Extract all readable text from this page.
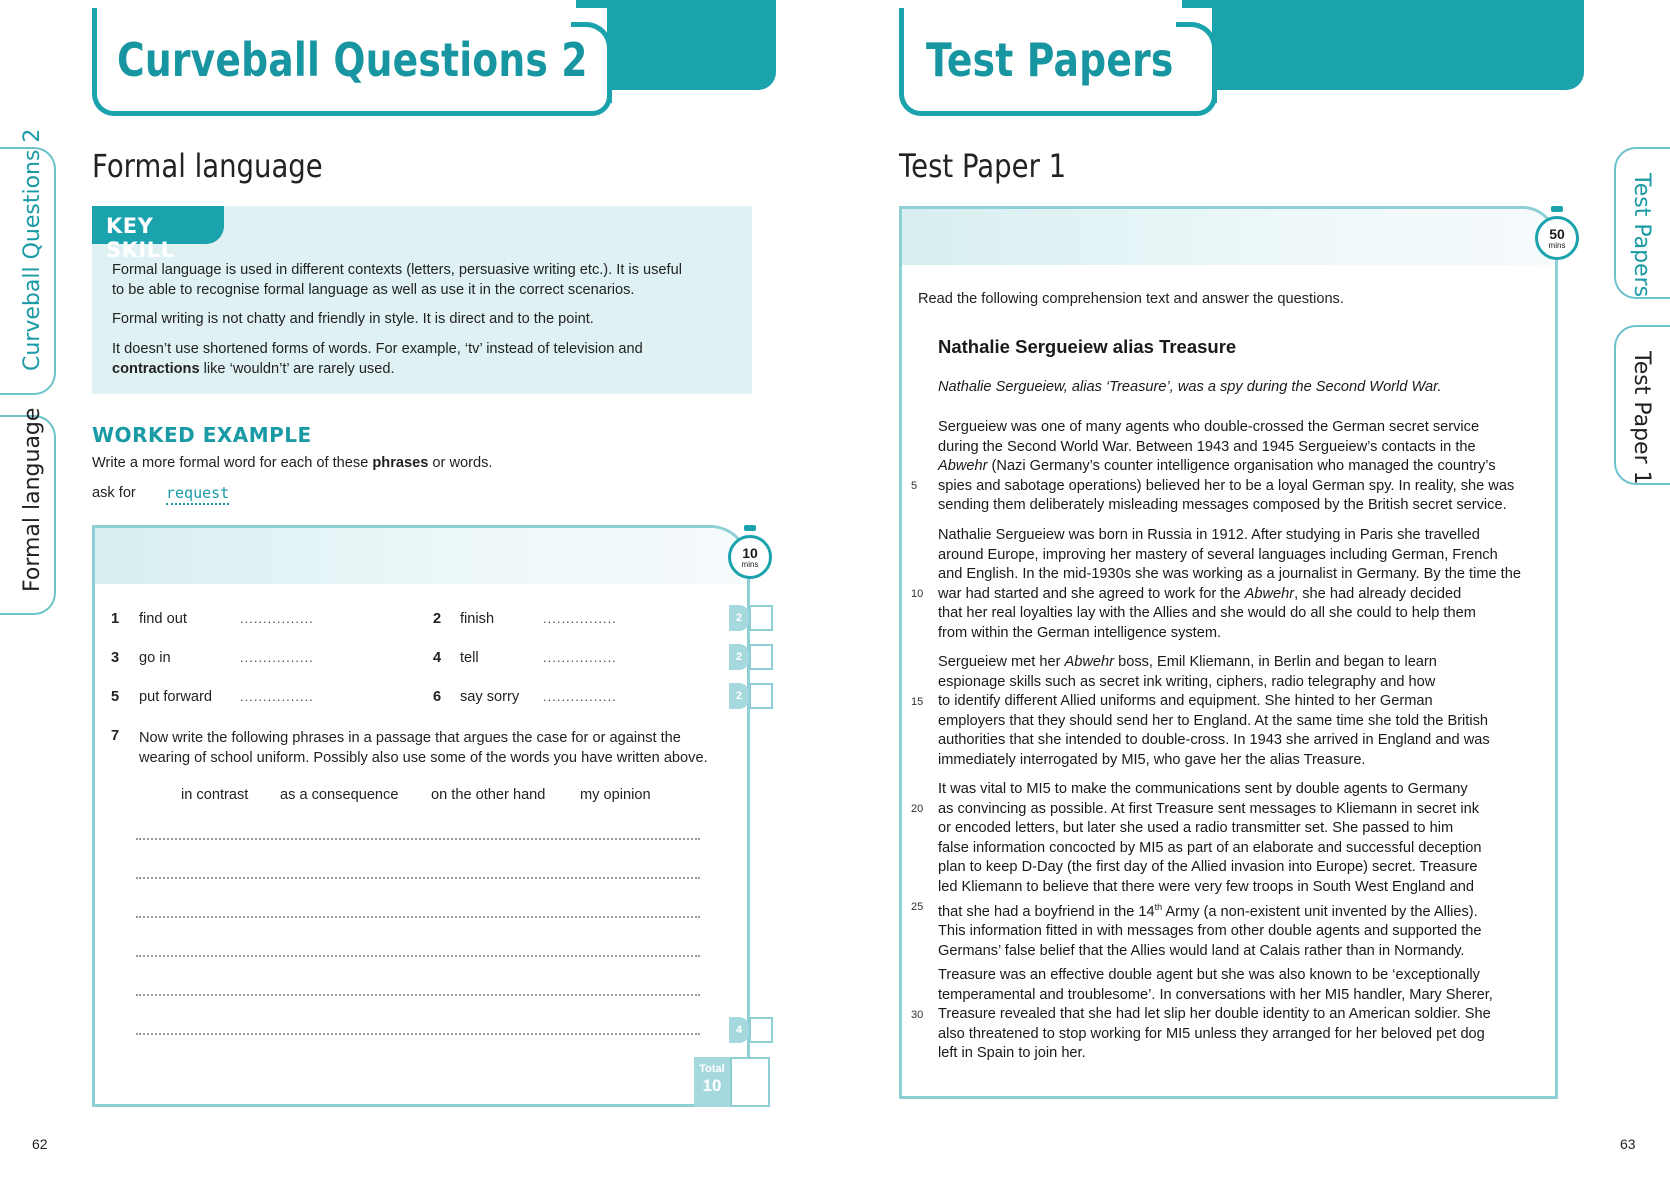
Curveball Questions 2
Curveball Questions 2
Formal language
Formal language
KEY SKILL
Formal language is used in different contexts (letters, persuasive writing etc.). It is useful
to be able to recognise formal language as well as use it in the correct scenarios.
Formal writing is not chatty and friendly in style. It is direct and to the point.
It doesn’t use shortened forms of words. For example, ‘tv’ instead of television and
contractions like ‘wouldn’t’ are rarely used.
WORKED EXAMPLE
Write a more formal word for each of these phrases or words.
ask for request
10
mins
1 find out	................	2 finish	................
3 go in	................	4 tell	................
5 put forward ................	6 say sorry ................
2
2
2
4
7 Now write the following phrases in a passage that argues the case for or against the
wearing of school uniform. Possibly also use some of the words you have written above.
in contrast as a consequence on the other hand my opinion
Total
10
62
Test Papers
Test Papers
Test Paper 1
Test Paper 1
50
mins
Read the following comprehension text and answer the questions.
Nathalie Sergueiew alias Treasure
Nathalie Sergueiew, alias ‘Treasure’, was a spy during the Second World War.
Sergueiew was one of many agents who double-crossed the German secret service
during the Second World War. Between 1943 and 1945 Sergueiew’s contacts in the
Abwehr (Nazi Germany’s counter intelligence organisation who managed the country’s
spies and sabotage operations) believed her to be a loyal German spy. In reality, she was
sending them deliberately misleading messages composed by the British secret service.
Nathalie Sergueiew was born in Russia in 1912. After studying in Paris she travelled
around Europe, improving her mastery of several languages including German, French
and English. In the mid-1930s she was working as a journalist in Germany. By the time the
war had started and she agreed to work for the Abwehr, she had already decided
that her real loyalties lay with the Allies and she would do all she could to help them
from within the German intelligence system.
Sergueiew met her Abwehr boss, Emil Kliemann, in Berlin and began to learn
espionage skills such as secret ink writing, ciphers, radio telegraphy and how
to identify different Allied uniforms and equipment. She hinted to her German
employers that they should send her to England. At the same time she told the British
authorities that she intended to double-cross. In 1943 she arrived in England and was
immediately interrogated by MI5, who gave her the alias Treasure.
It was vital to MI5 to make the communications sent by double agents to Germany
as convincing as possible. At first Treasure sent messages to Kliemann in secret ink
or encoded letters, but later she used a radio transmitter set. She passed to him
false information concocted by MI5 as part of an elaborate and successful deception
plan to keep D-Day (the first day of the Allied invasion into Europe) secret. Treasure
led Kliemann to believe that there were very few troops in South West England and
that she had a boyfriend in the 14th Army (a non-existent unit invented by the Allies).
This information fitted in with messages from other double agents and supported the
Germans’ false belief that the Allies would land at Calais rather than in Normandy.
Treasure was an effective double agent but she was also known to be ‘exceptionally
temperamental and troublesome’. In conversations with her MI5 handler, Mary Sherer,
Treasure revealed that she had let slip her double identity to an American soldier. She
also threatened to stop working for MI5 unless they arranged for her beloved pet dog
left in Spain to join her.
5
10
15
20
25
30
63
